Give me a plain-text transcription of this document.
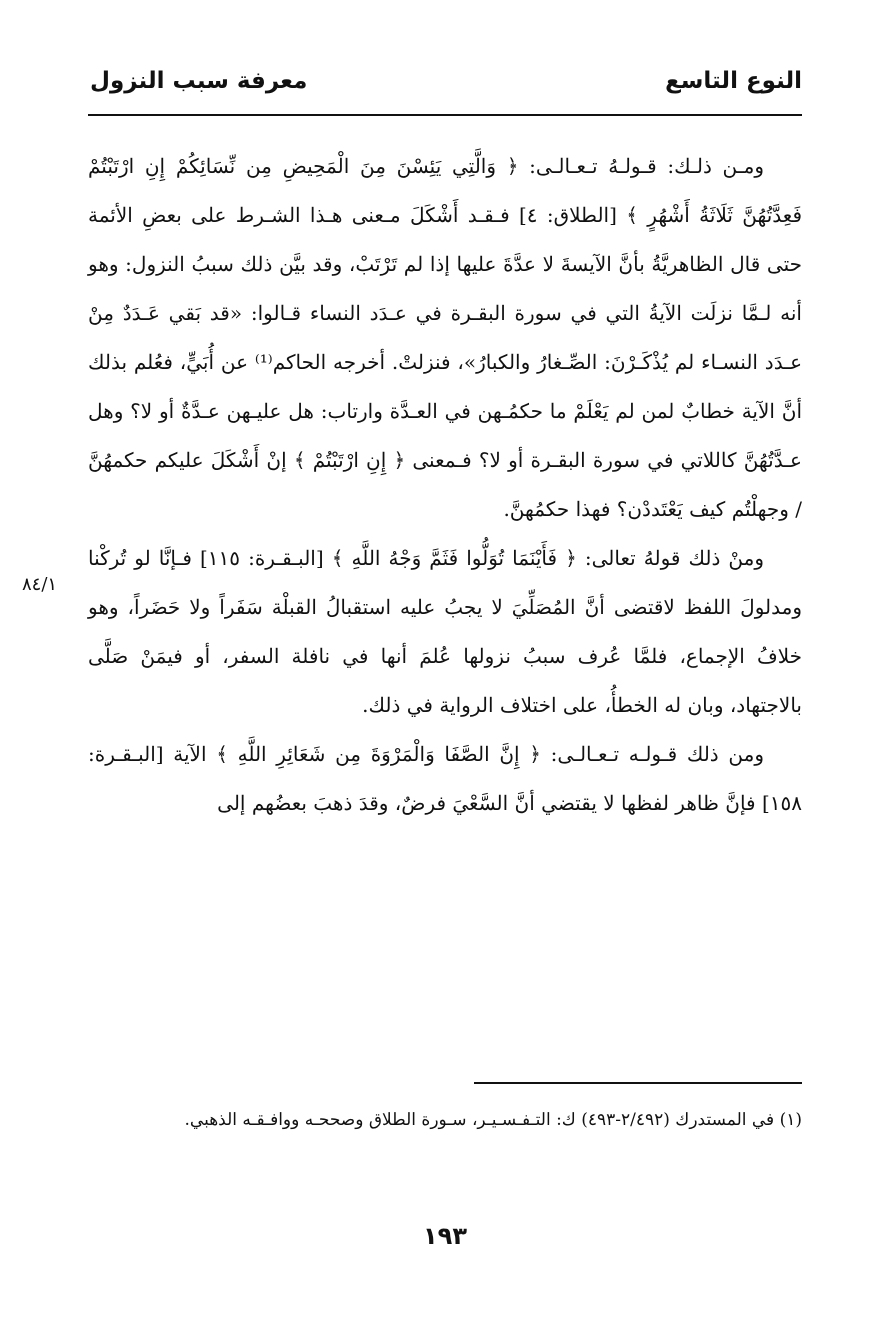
النوع التاسع
معرفة سبب النزول
٨٤/١

ومـن ذلـك: قـولـهُ تـعـالـى: ﴿ وَالَّتِي يَئِسْنَ مِنَ الْمَحِيضِ مِن نِّسَائِكُمْ إِنِ ارْتَبْتُمْ فَعِدَّتُهُنَّ ثَلَاثَةُ أَشْهُرٍ ﴾ [الطلاق: ٤] فـقـد أَشْكَلَ مـعنى هـذا الشـرط على بعضِ الأئمة حتى قال الظاهريَّةُ بأنَّ الآيسةَ لا عدَّةَ عليها إذا لم تَرْتَبْ، وقد بيَّن ذلك سببُ النزول: وهو أنه لـمَّا نزلَت الآيةُ التي في سورة البقـرة في عـدَد النساء قـالوا: «قد بَقي عَـدَدٌ مِنْ عـدَد النسـاء لم يُذْكَـرْنَ: الصِّـغارُ والكبارُ»، فنزلتْ. أخرجه الحاكم⁽¹⁾ عن أُبَيٍّ، فعُلم بذلك أنَّ الآية خطابٌ لمن لم يَعْلَمْ ما حكمُـهن في العـدَّة وارتاب: هل عليـهن عـدَّةٌ أو لا؟ وهل عـدَّتُهُنَّ كاللاتي في سورة البقـرة أو لا؟ فـمعنى ﴿ إِنِ ارْتَبْتُمْ ﴾ إنْ أَشْكَلَ عليكم حكمهُنَّ / وجهلْتُم كيف يَعْتَددْن؟ فهذا حكمُهنَّ.

ومنْ ذلك قولهُ تعالى: ﴿ فَأَيْنَمَا تُوَلُّوا فَثَمَّ وَجْهُ اللَّهِ ﴾ [البـقـرة: ١١٥] فـإنَّا لو تُركْنا ومدلولَ اللفظ لاقتضى أنَّ المُصَلِّيَ لا يجبُ عليه استقبالُ القبلْة سَفَراً ولا حَضَراً، وهو خلافُ الإجماع، فلمَّا عُرف سببُ نزولها عُلمَ أنها في نافلة السفر، أو فيمَنْ صَلَّى بالاجتهاد، وبان له الخطأُ، على اختلاف الرواية في ذلك.

ومن ذلك قـولـه تـعـالـى: ﴿ إِنَّ الصَّفَا وَالْمَرْوَةَ مِن شَعَائِرِ اللَّهِ ﴾ الآية [البـقـرة: ١٥٨] فإنَّ ظاهر لفظها لا يقتضي أنَّ السَّعْيَ فرضٌ، وقدَ ذهبَ بعضُهم إلى

(١) في المستدرك (٢/٤٩٢-٤٩٣) ك: التـفـسـيـر، سـورة الطلاق وصححـه ووافـقـه الذهبي.
١٩٣
